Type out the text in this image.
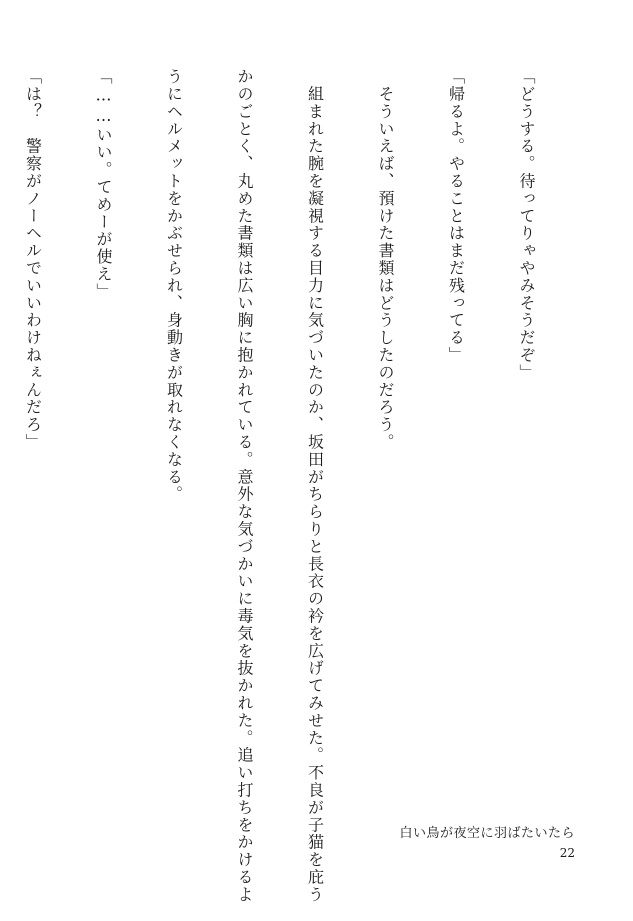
「どうする。待ってりゃやみそうだぞ」

「帰るよ。やることはまだ残ってる」

　そういえば、預けた書類はどうしたのだろう。

　組まれた腕を凝視する目力に気づいたのか、坂田がちらりと長衣の衿を広げてみせた。不良が子猫を庇う

かのごとく、丸めた書類は広い胸に抱かれている。意外な気づかいに毒気を抜かれた。追い打ちをかけるよ

うにヘルメットをかぶせられ、身動きが取れなくなる。

「……いい。てめーが使え」

「は？　警察がノーヘルでいいわけねぇんだろ」

白い鳥が夜空に羽ばたいたら
22
